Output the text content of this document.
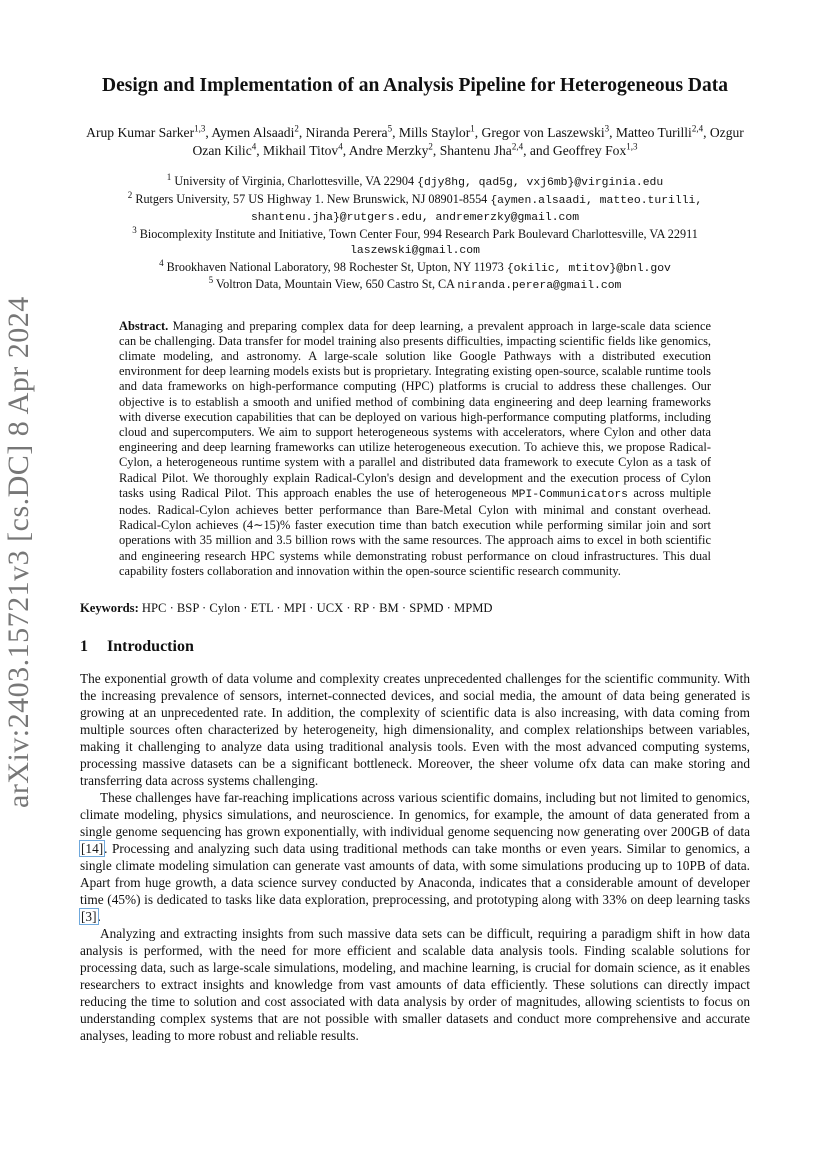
arXiv:2403.15721v3 [cs.DC] 8 Apr 2024
Design and Implementation of an Analysis Pipeline for Heterogeneous Data
Arup Kumar Sarker$^{1,3}$, Aymen Alsaadi$^2$, Niranda Perera$^5$, Mills Staylor$^1$, Gregor von Laszewski$^3$, Matteo Turilli$^{2,4}$, Ozgur Ozan Kilic$^4$, Mikhail Titov$^4$, Andre Merzky$^2$, Shantenu Jha$^{2,4}$, and Geoffrey Fox$^{1,3}$
$^1$ University of Virginia, Charlottesville, VA 22904 {djy8hg, qad5g, vxj6mb}@virginia.edu
$^2$ Rutgers University, 57 US Highway 1. New Brunswick, NJ 08901-8554 {aymen.alsaadi, matteo.turilli, shantenu.jha}@rutgers.edu, andremerzky@gmail.com
$^3$ Biocomplexity Institute and Initiative, Town Center Four, 994 Research Park Boulevard Charlottesville, VA 22911 laszewski@gmail.com
$^4$ Brookhaven National Laboratory, 98 Rochester St, Upton, NY 11973 {okilic, mtitov}@bnl.gov
$^5$ Voltron Data, Mountain View, 650 Castro St, CA niranda.perera@gmail.com
Abstract. Managing and preparing complex data for deep learning, a prevalent approach in large-scale data science can be challenging. Data transfer for model training also presents difficulties, impacting scientific fields like genomics, climate modeling, and astronomy. A large-scale solution like Google Pathways with a distributed execution environment for deep learning models exists but is proprietary. Integrating existing open-source, scalable runtime tools and data frameworks on high-performance computing (HPC) platforms is crucial to address these challenges. Our objective is to establish a smooth and unified method of combining data engineering and deep learning frameworks with diverse execution capabilities that can be deployed on various high-performance computing platforms, including cloud and supercomputers. We aim to support heterogeneous systems with accelerators, where Cylon and other data engineering and deep learning frameworks can utilize heterogeneous execution. To achieve this, we propose Radical-Cylon, a heterogeneous runtime system with a parallel and distributed data framework to execute Cylon as a task of Radical Pilot. We thoroughly explain Radical-Cylon's design and development and the execution process of Cylon tasks using Radical Pilot. This approach enables the use of heterogeneous MPI-Communicators across multiple nodes. Radical-Cylon achieves better performance than Bare-Metal Cylon with minimal and constant overhead. Radical-Cylon achieves (4∼15)% faster execution time than batch execution while performing similar join and sort operations with 35 million and 3.5 billion rows with the same resources. The approach aims to excel in both scientific and engineering research HPC systems while demonstrating robust performance on cloud infrastructures. This dual capability fosters collaboration and innovation within the open-source scientific research community.
Keywords: HPC · BSP · Cylon · ETL · MPI · UCX · RP · BM · SPMD · MPMD
1 Introduction

The exponential growth of data volume and complexity creates unprecedented challenges for the scientific community. With the increasing prevalence of sensors, internet-connected devices, and social media, the amount of data being generated is growing at an unprecedented rate. In addition, the complexity of scientific data is also increasing, with data coming from multiple sources often characterized by heterogeneity, high dimensionality, and complex relationships between variables, making it challenging to analyze data using traditional analysis tools. Even with the most advanced computing systems, processing massive datasets can be a significant bottleneck. Moreover, the sheer volume ofx data can make storing and transferring data across systems challenging.

These challenges have far-reaching implications across various scientific domains, including but not limited to genomics, climate modeling, physics simulations, and neuroscience. In genomics, for example, the amount of data generated from a single genome sequencing has grown exponentially, with individual genome sequencing now generating over 200GB of data [14]. Processing and analyzing such data using traditional methods can take months or even years. Similar to genomics, a single climate modeling simulation can generate vast amounts of data, with some simulations producing up to 10PB of data. Apart from huge growth, a data science survey conducted by Anaconda, indicates that a considerable amount of developer time (45%) is dedicated to tasks like data exploration, preprocessing, and prototyping along with 33% on deep learning tasks [3].

Analyzing and extracting insights from such massive data sets can be difficult, requiring a paradigm shift in how data analysis is performed, with the need for more efficient and scalable data analysis tools. Finding scalable solutions for processing data, such as large-scale simulations, modeling, and machine learning, is crucial for domain science, as it enables researchers to extract insights and knowledge from vast amounts of data efficiently. These solutions can directly impact reducing the time to solution and cost associated with data analysis by order of magnitudes, allowing scientists to focus on understanding complex systems that are not possible with smaller datasets and conduct more comprehensive and accurate analyses, leading to more robust and reliable results.
